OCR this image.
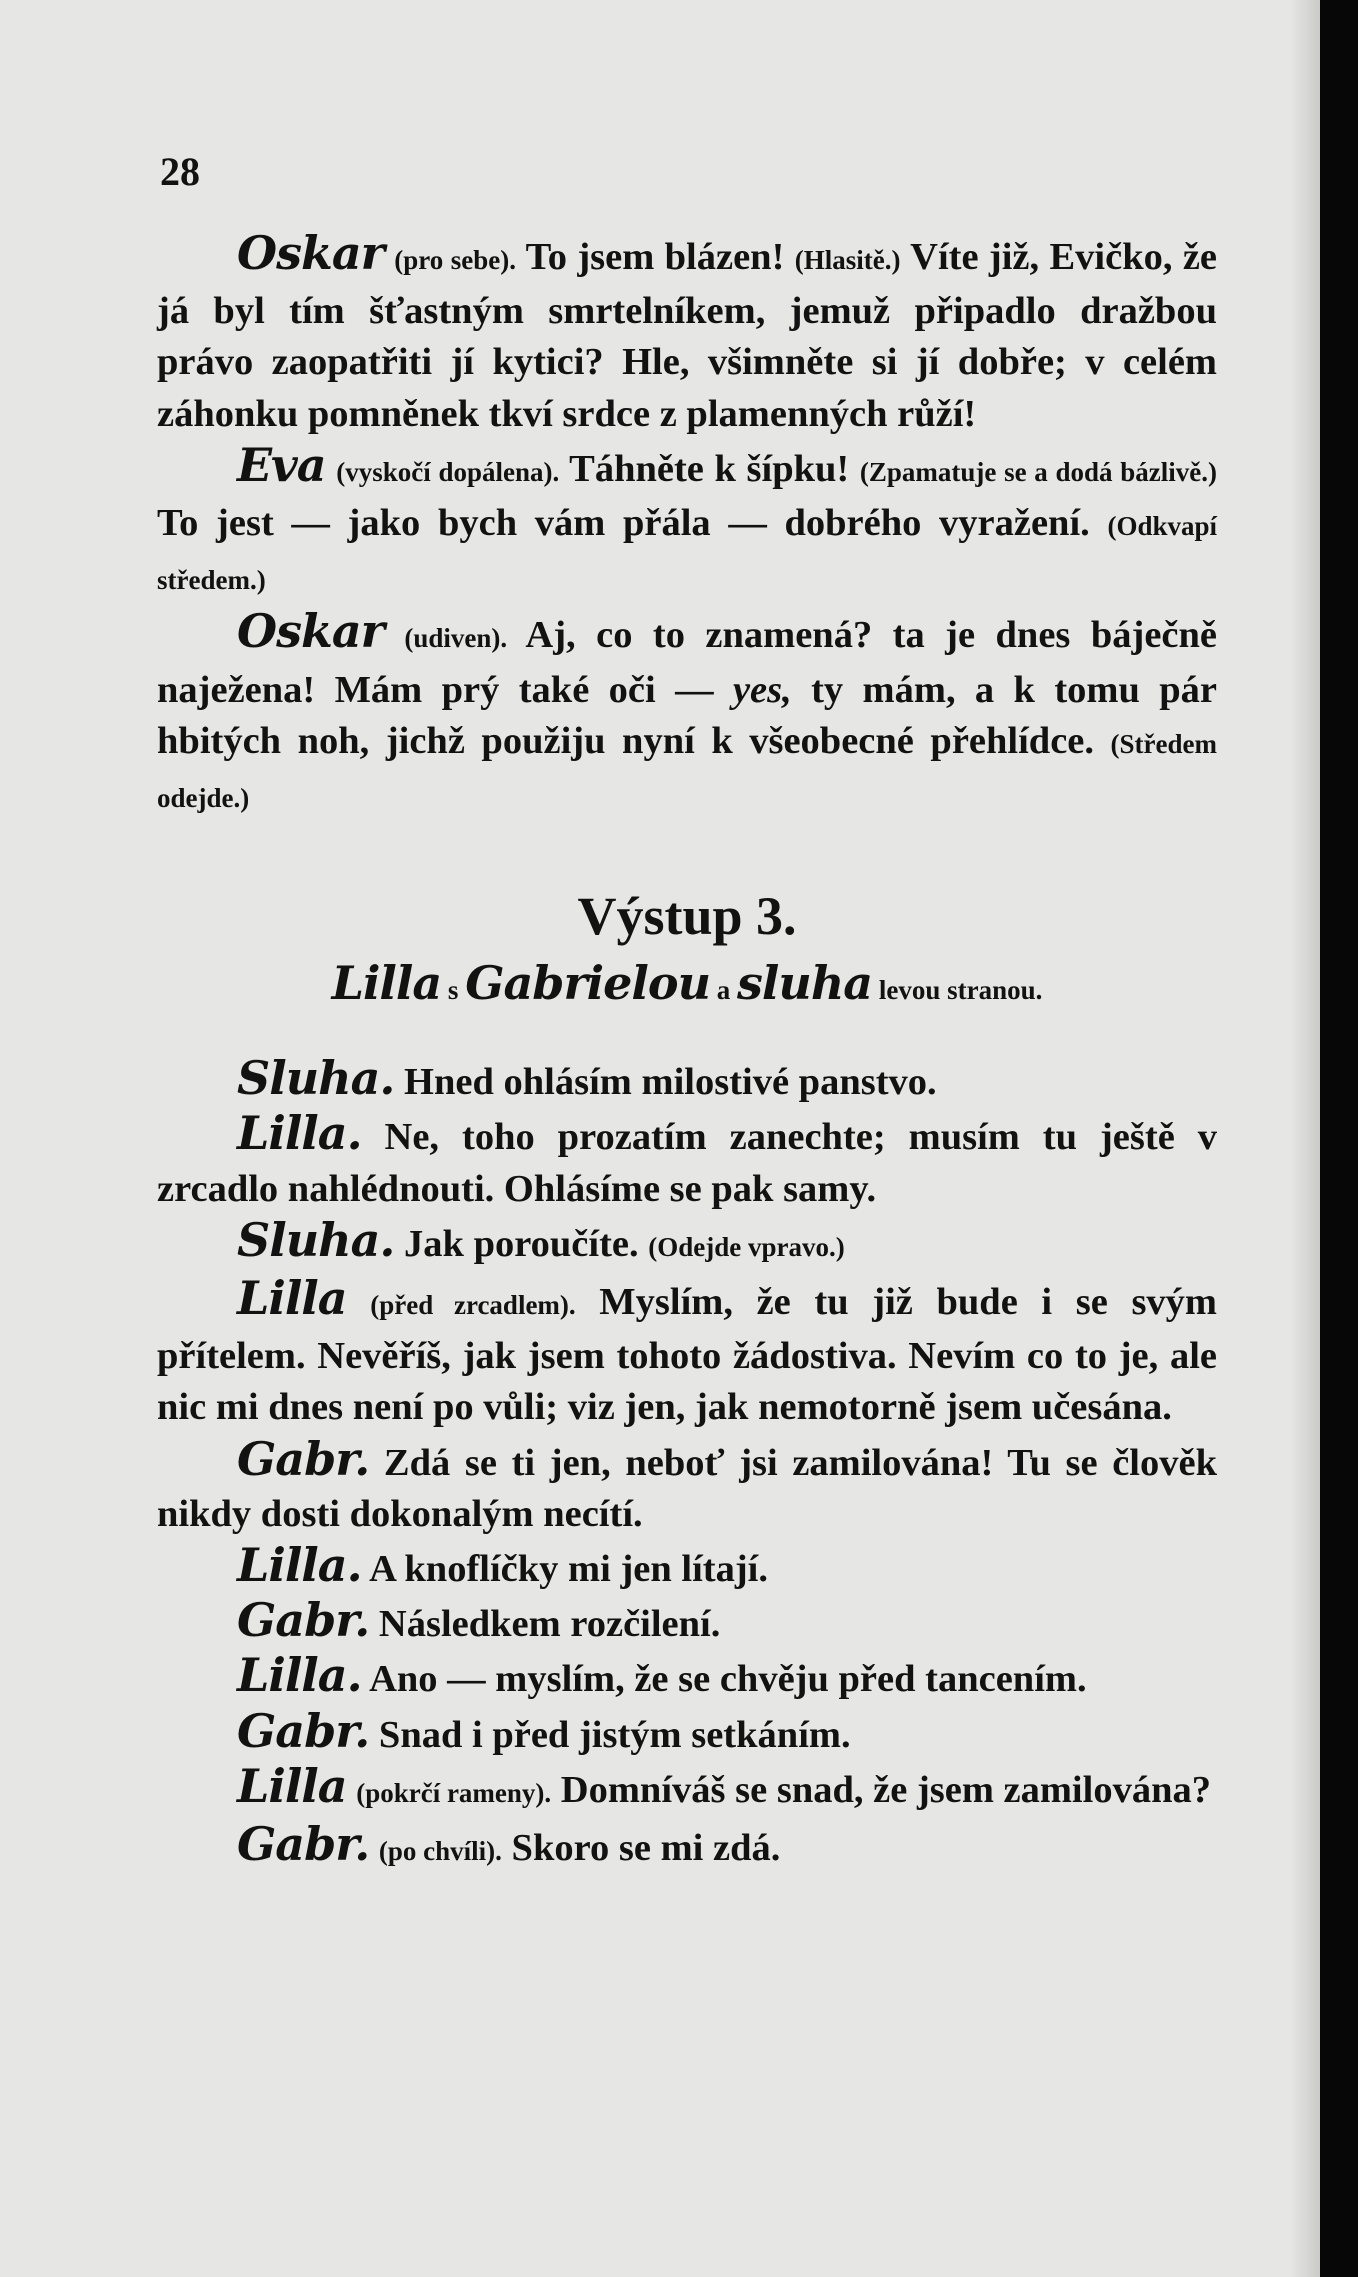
28

Oskar (pro sebe). To jsem blázen! (Hlasitě.) Víte již, Evičko, že já byl tím šťastným smrtelníkem, jemuž připadlo dražbou právo zaopatřiti jí kytici? Hle, všimněte si jí dobře; v celém záhonku pomněnek tkví srdce z plamenných růží!

Eva (vyskočí dopálena). Táhněte k šípku! (Zpamatuje se a dodá bázlivě.) To jest — jako bych vám přála — dobrého vyražení. (Odkvapí středem.)

Oskar (udiven). Aj, co to znamená? ta je dnes báječně naježena! Mám prý také oči — yes, ty mám, a k tomu pár hbitých noh, jichž použiju nyní k všeobecné přehlídce. (Středem odejde.)

Výstup 3.

Lilla s Gabrielou a sluha levou stranou.

Sluha. Hned ohlásím milostivé panstvo.

Lilla. Ne, toho prozatím zanechte; musím tu ještě v zrcadlo nahlédnouti. Ohlásíme se pak samy.

Sluha. Jak poroučíte. (Odejde vpravo.)

Lilla (před zrcadlem). Myslím, že tu již bude i se svým přítelem. Nevěříš, jak jsem tohoto žádostiva. Nevím co to je, ale nic mi dnes není po vůli; viz jen, jak nemotorně jsem učesána.

Gabr. Zdá se ti jen, neboť jsi zamilována! Tu se člověk nikdy dosti dokonalým necítí.

Lilla. A knoflíčky mi jen lítají.

Gabr. Následkem rozčilení.

Lilla. Ano — myslím, že se chvěju před tancením.

Gabr. Snad i před jistým setkáním.

Lilla (pokrčí rameny). Domníváš se snad, že jsem zamilována?

Gabr. (po chvíli). Skoro se mi zdá.
